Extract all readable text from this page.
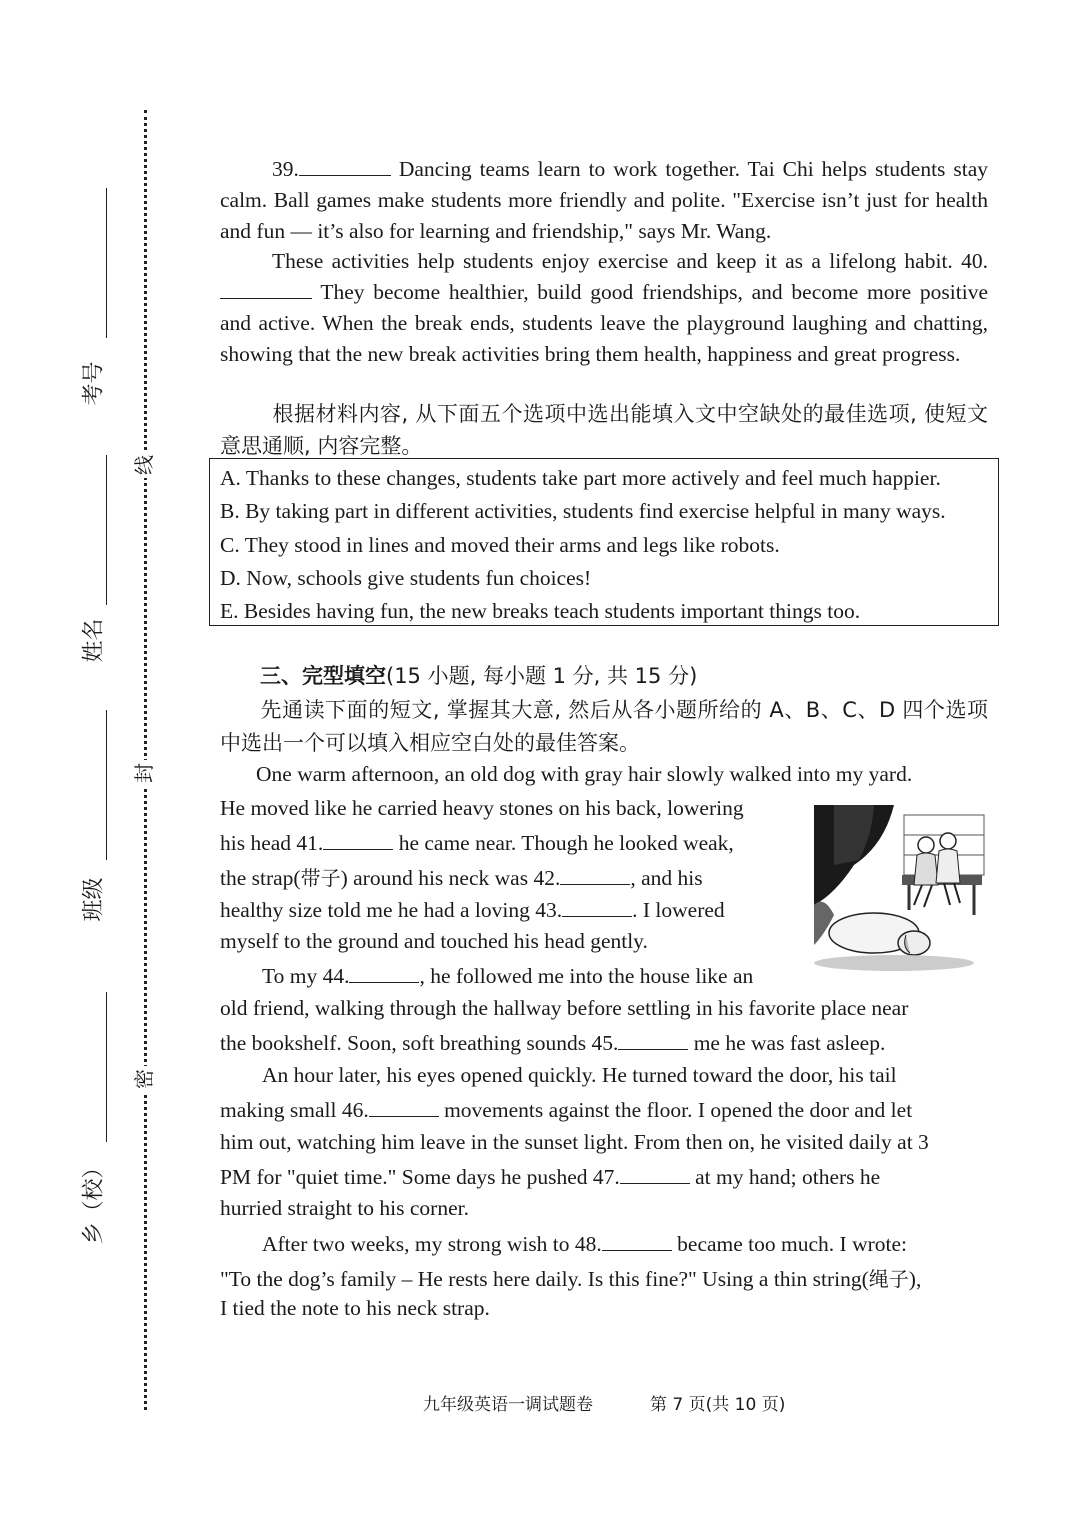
线
封
密
考号
姓名
班级
乡（校）
39.	Dancing teams learn to work together. Tai Chi helps students stay calm. Ball games make students more friendly and polite. "Exercise isn’t just for health and fun — it’s also for learning and friendship," says Mr. Wang.
These activities help students enjoy exercise and keep it as a lifelong habit. 40. They become healthier, build good friendships, and become more positive and active. When the break ends, students leave the playground laughing and chatting, showing that the new break activities bring them health, happiness and great progress.
根据材料内容, 从下面五个选项中选出能填入文中空缺处的最佳选项, 使短文意思通顺, 内容完整。
A. Thanks to these changes, students take part more actively and feel much happier.
B. By taking part in different activities, students find exercise helpful in many ways.
C. They stood in lines and moved their arms and legs like robots.
D. Now, schools give students fun choices!
E. Besides having fun, the new breaks teach students important things too.
三、完型填空(15 小题, 每小题 1 分, 共 15 分)
先通读下面的短文, 掌握其大意, 然后从各小题所给的 A、B、C、D 四个选项中选出一个可以填入相应空白处的最佳答案。
One warm afternoon, an old dog with gray hair slowly walked into my yard.
He moved like he carried heavy stones on his back, lowering
his head 41.	he came near. Though he looked weak,
the strap(带子) around his neck was 42.	, and his
healthy size told me he had a loving 43.	. I lowered
myself to the ground and touched his head gently.
To my 44.	, he followed me into the house like an
old friend, walking through the hallway before settling in his favorite place near
the bookshelf. Soon, soft breathing sounds 45.	me he was fast asleep.
An hour later, his eyes opened quickly. He turned toward the door, his tail
making small 46.	movements against the floor. I opened the door and let
him out, watching him leave in the sunset light. From then on, he visited daily at 3
PM for "quiet time." Some days he pushed 47.	at my hand; others he
hurried straight to his corner.
After two weeks, my strong wish to 48.	became too much. I wrote:
"To the dog’s family – He rests here daily. Is this fine?" Using a thin string(绳子),
I tied the note to his neck strap.
九年级英语一调试题卷	第 7 页(共 10 页)
